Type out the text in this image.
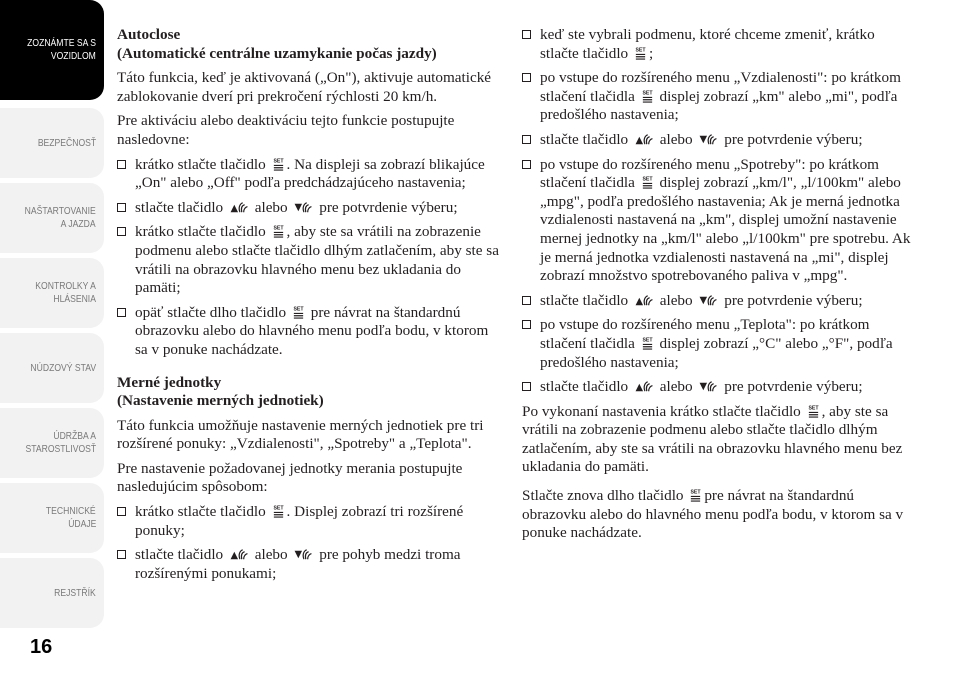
ZOZNÁMTE SA S
VOZIDLOM
BEZPEČNOSŤ
NAŠTARTOVANIE
A JAZDA
KONTROLKY A
HLÁSENIA
NÚDZOVÝ STAV
ÚDRŽBA A
STAROSTLIVOSŤ
TECHNICKÉ
ÚDAJE
REJSTŘÍK
16
Autoclose
(Automatické centrálne uzamykanie počas jazdy)

Táto funkcia, keď je aktivovaná („On"), aktivuje automatické zablokovanie dverí pri prekročení rýchlosti 20 km/h.

Pre aktiváciu alebo deaktiváciu tejto funkcie postupujte nasledovne:

krátko stlačte tlačidlo . Na displeji sa zobrazí blikajúce „On" alebo „Off" podľa predchádzajúceho nastavenia;
stlačte tlačidlo alebo pre potvrdenie výberu;
krátko stlačte tlačidlo , aby ste sa vrátili na zobrazenie podmenu alebo stlačte tlačidlo dlhým zatlačením, aby ste sa vrátili na obrazovku hlavného menu bez ukladania do pamäti;
opäť stlačte dlho tlačidlo pre návrat na štandardnú obrazovku alebo do hlavného menu podľa bodu, v ktorom sa v ponuke nachádzate.
Merné jednotky
(Nastavenie merných jednotiek)

Táto funkcia umožňuje nastavenie merných jednotiek pre tri rozšírené ponuky: „Vzdialenosti", „Spotreby" a „Teplota".

Pre nastavenie požadovanej jednotky merania postupujte nasledujúcim spôsobom:

krátko stlačte tlačidlo . Displej zobrazí tri rozšírené ponuky;
stlačte tlačidlo alebo pre pohyb medzi troma rozšírenými ponukami;
keď ste vybrali podmenu, ktoré chceme zmeniť, krátko stlačte tlačidlo ;
po vstupe do rozšíreného menu „Vzdialenosti": po krátkom stlačení tlačidla displej zobrazí „km" alebo „mi", podľa predošlého nastavenia;
stlačte tlačidlo alebo pre potvrdenie výberu;
po vstupe do rozšíreného menu „Spotreby": po krátkom stlačení tlačidla displej zobrazí „km/l", „l/100km" alebo „mpg", podľa predošlého nastavenia; Ak je merná jednotka vzdialenosti nastavená na „km", displej umožní nastavenie mernej jednotky na „km/l" alebo „l/100km" pre spotrebu. Ak je merná jednotka vzdialenosti nastavená na „mi", displej zobrazí množstvo spotrebovaného paliva v „mpg".
stlačte tlačidlo alebo pre potvrdenie výberu;
po vstupe do rozšíreného menu „Teplota": po krátkom stlačení tlačidla displej zobrazí „°C" alebo „°F", podľa predošlého nastavenia;
stlačte tlačidlo alebo pre potvrdenie výberu;

Po vykonaní nastavenia krátko stlačte tlačidlo , aby ste sa vrátili na zobrazenie podmenu alebo stlačte tlačidlo dlhým zatlačením, aby ste sa vrátili na obrazovku hlavného menu bez ukladania do pamäti.

Stlačte znova dlho tlačidlo pre návrat na štandardnú obrazovku alebo do hlavného menu podľa bodu, v ktorom sa v ponuke nachádzate.
